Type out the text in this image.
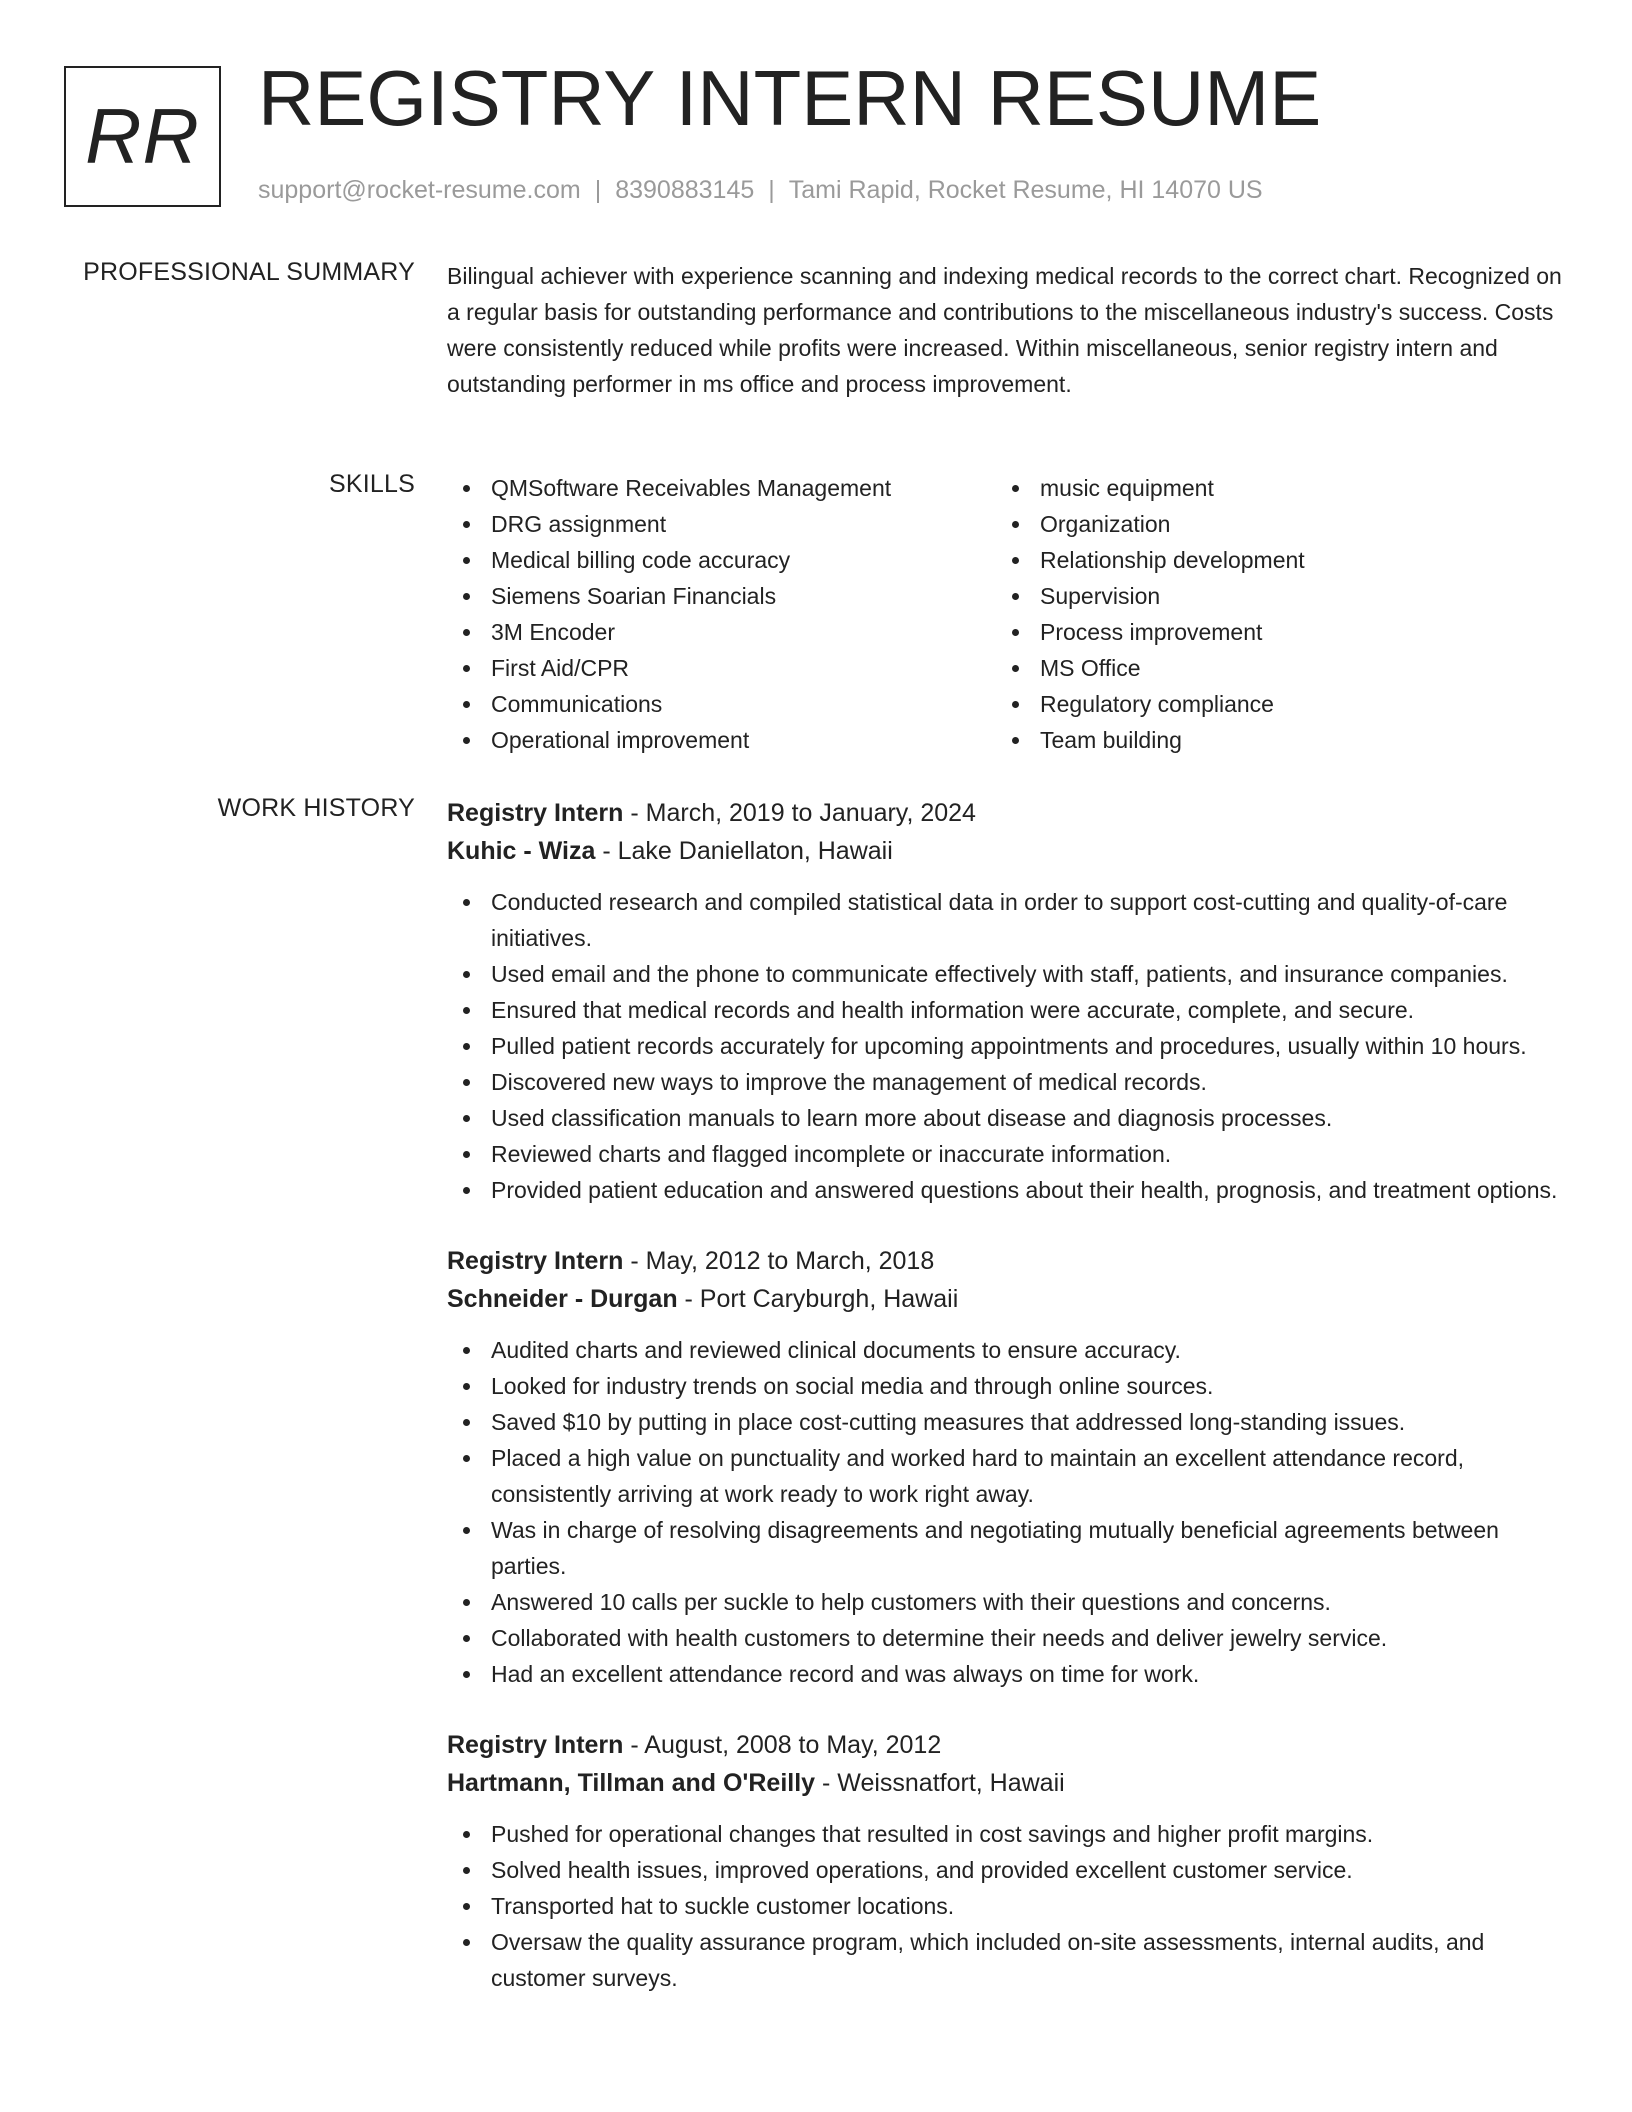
RR REGISTRY INTERN RESUME
support@rocket-resume.com | 8390883145 | Tami Rapid, Rocket Resume, HI 14070 US
PROFESSIONAL SUMMARY Bilingual achiever with experience scanning and indexing medical records to the correct chart. Recognized on a regular basis for outstanding performance and contributions to the miscellaneous industry's success. Costs were consistently reduced while profits were increased. Within miscellaneous, senior registry intern and outstanding performer in ms office and process improvement.

SKILLS	QMSoftware Receivables Management
DRG assignment
Medical billing code accuracy
Siemens Soarian Financials
3M Encoder
First Aid/CPR
Communications
Operational improvement
music equipment
Organization
Relationship development
Supervision
Process improvement
MS Office
Regulatory compliance
Team building
WORK HISTORY Registry Intern - March, 2019 to January, 2024
Kuhic - Wiza - Lake Daniellaton, Hawaii
Conducted research and compiled statistical data in order to support cost-cutting and quality-of-care initiatives.
Used email and the phone to communicate effectively with staff, patients, and insurance companies.
Ensured that medical records and health information were accurate, complete, and secure.
Pulled patient records accurately for upcoming appointments and procedures, usually within 10 hours.
Discovered new ways to improve the management of medical records.
Used classification manuals to learn more about disease and diagnosis processes.
Reviewed charts and flagged incomplete or inaccurate information.
Provided patient education and answered questions about their health, prognosis, and treatment options.
Registry Intern - May, 2012 to March, 2018
Schneider - Durgan - Port Caryburgh, Hawaii
Audited charts and reviewed clinical documents to ensure accuracy.
Looked for industry trends on social media and through online sources.
Saved $10 by putting in place cost-cutting measures that addressed long-standing issues.
Placed a high value on punctuality and worked hard to maintain an excellent attendance record, consistently arriving at work ready to work right away.
Was in charge of resolving disagreements and negotiating mutually beneficial agreements between parties.
Answered 10 calls per suckle to help customers with their questions and concerns.
Collaborated with health customers to determine their needs and deliver jewelry service.
Had an excellent attendance record and was always on time for work.
Registry Intern - August, 2008 to May, 2012
Hartmann, Tillman and O'Reilly - Weissnatfort, Hawaii
Pushed for operational changes that resulted in cost savings and higher profit margins.
Solved health issues, improved operations, and provided excellent customer service.
Transported hat to suckle customer locations.
Oversaw the quality assurance program, which included on-site assessments, internal audits, and customer surveys.
